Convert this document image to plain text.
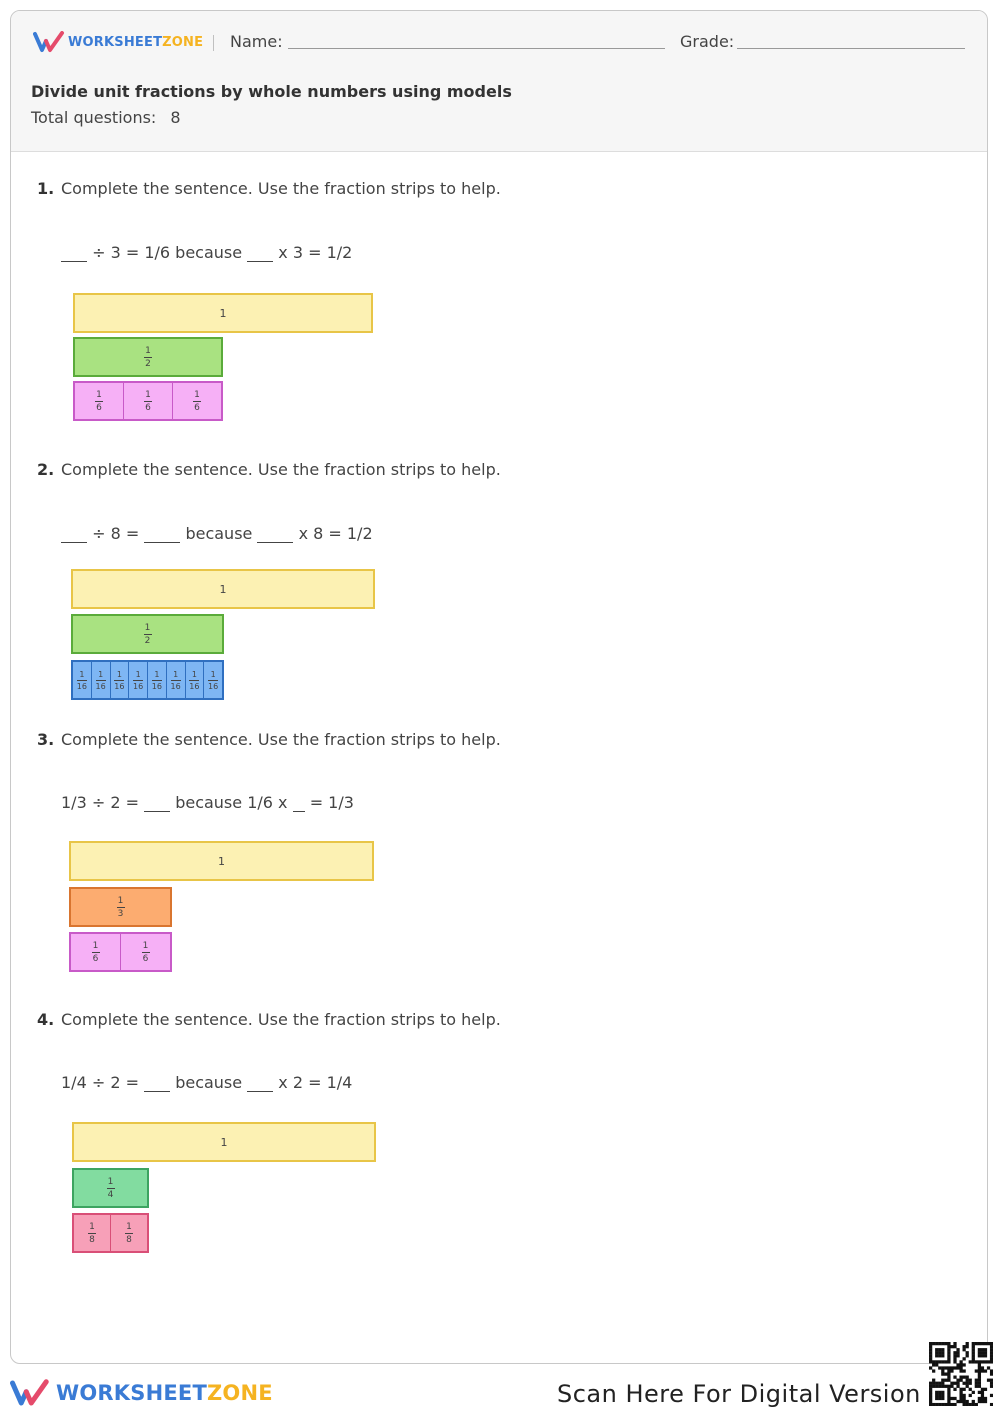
WORKSHEETZONE Name:	Grade:
Divide unit fractions by whole numbers using models
Total questions: 8
1. Complete the sentence. Use the fraction strips to help.
÷ 3 = 1/6 because x 3 = 1/2
1
$\frac{1}{2}$
$\frac{1}{6}$	$\frac{1}{6}$	$\frac{1}{6}$
2. Complete the sentence. Use the fraction strips to help.
÷ 8 =	because	x 8 = 1/2
1
$\frac{1}{2}$
$\frac{1}{16} \frac{1}{16} \frac{1}{16} \frac{1}{16} \frac{1}{16} \frac{1}{16} \frac{1}{16} \frac{1}{16}$
3. Complete the sentence. Use the fraction strips to help.
1/3 ÷ 2 = because 1/6 x = 1/3
1
$\frac{1}{3}$
$\frac{1}{6}$	$\frac{1}{6}$
4. Complete the sentence. Use the fraction strips to help.
1/4 ÷ 2 = because x 2 = 1/4
1
$\frac{1}{4}$
$\frac{1}{8}$	$\frac{1}{8}$
WORKSHEETZONE	Scan Here For Digital Version
